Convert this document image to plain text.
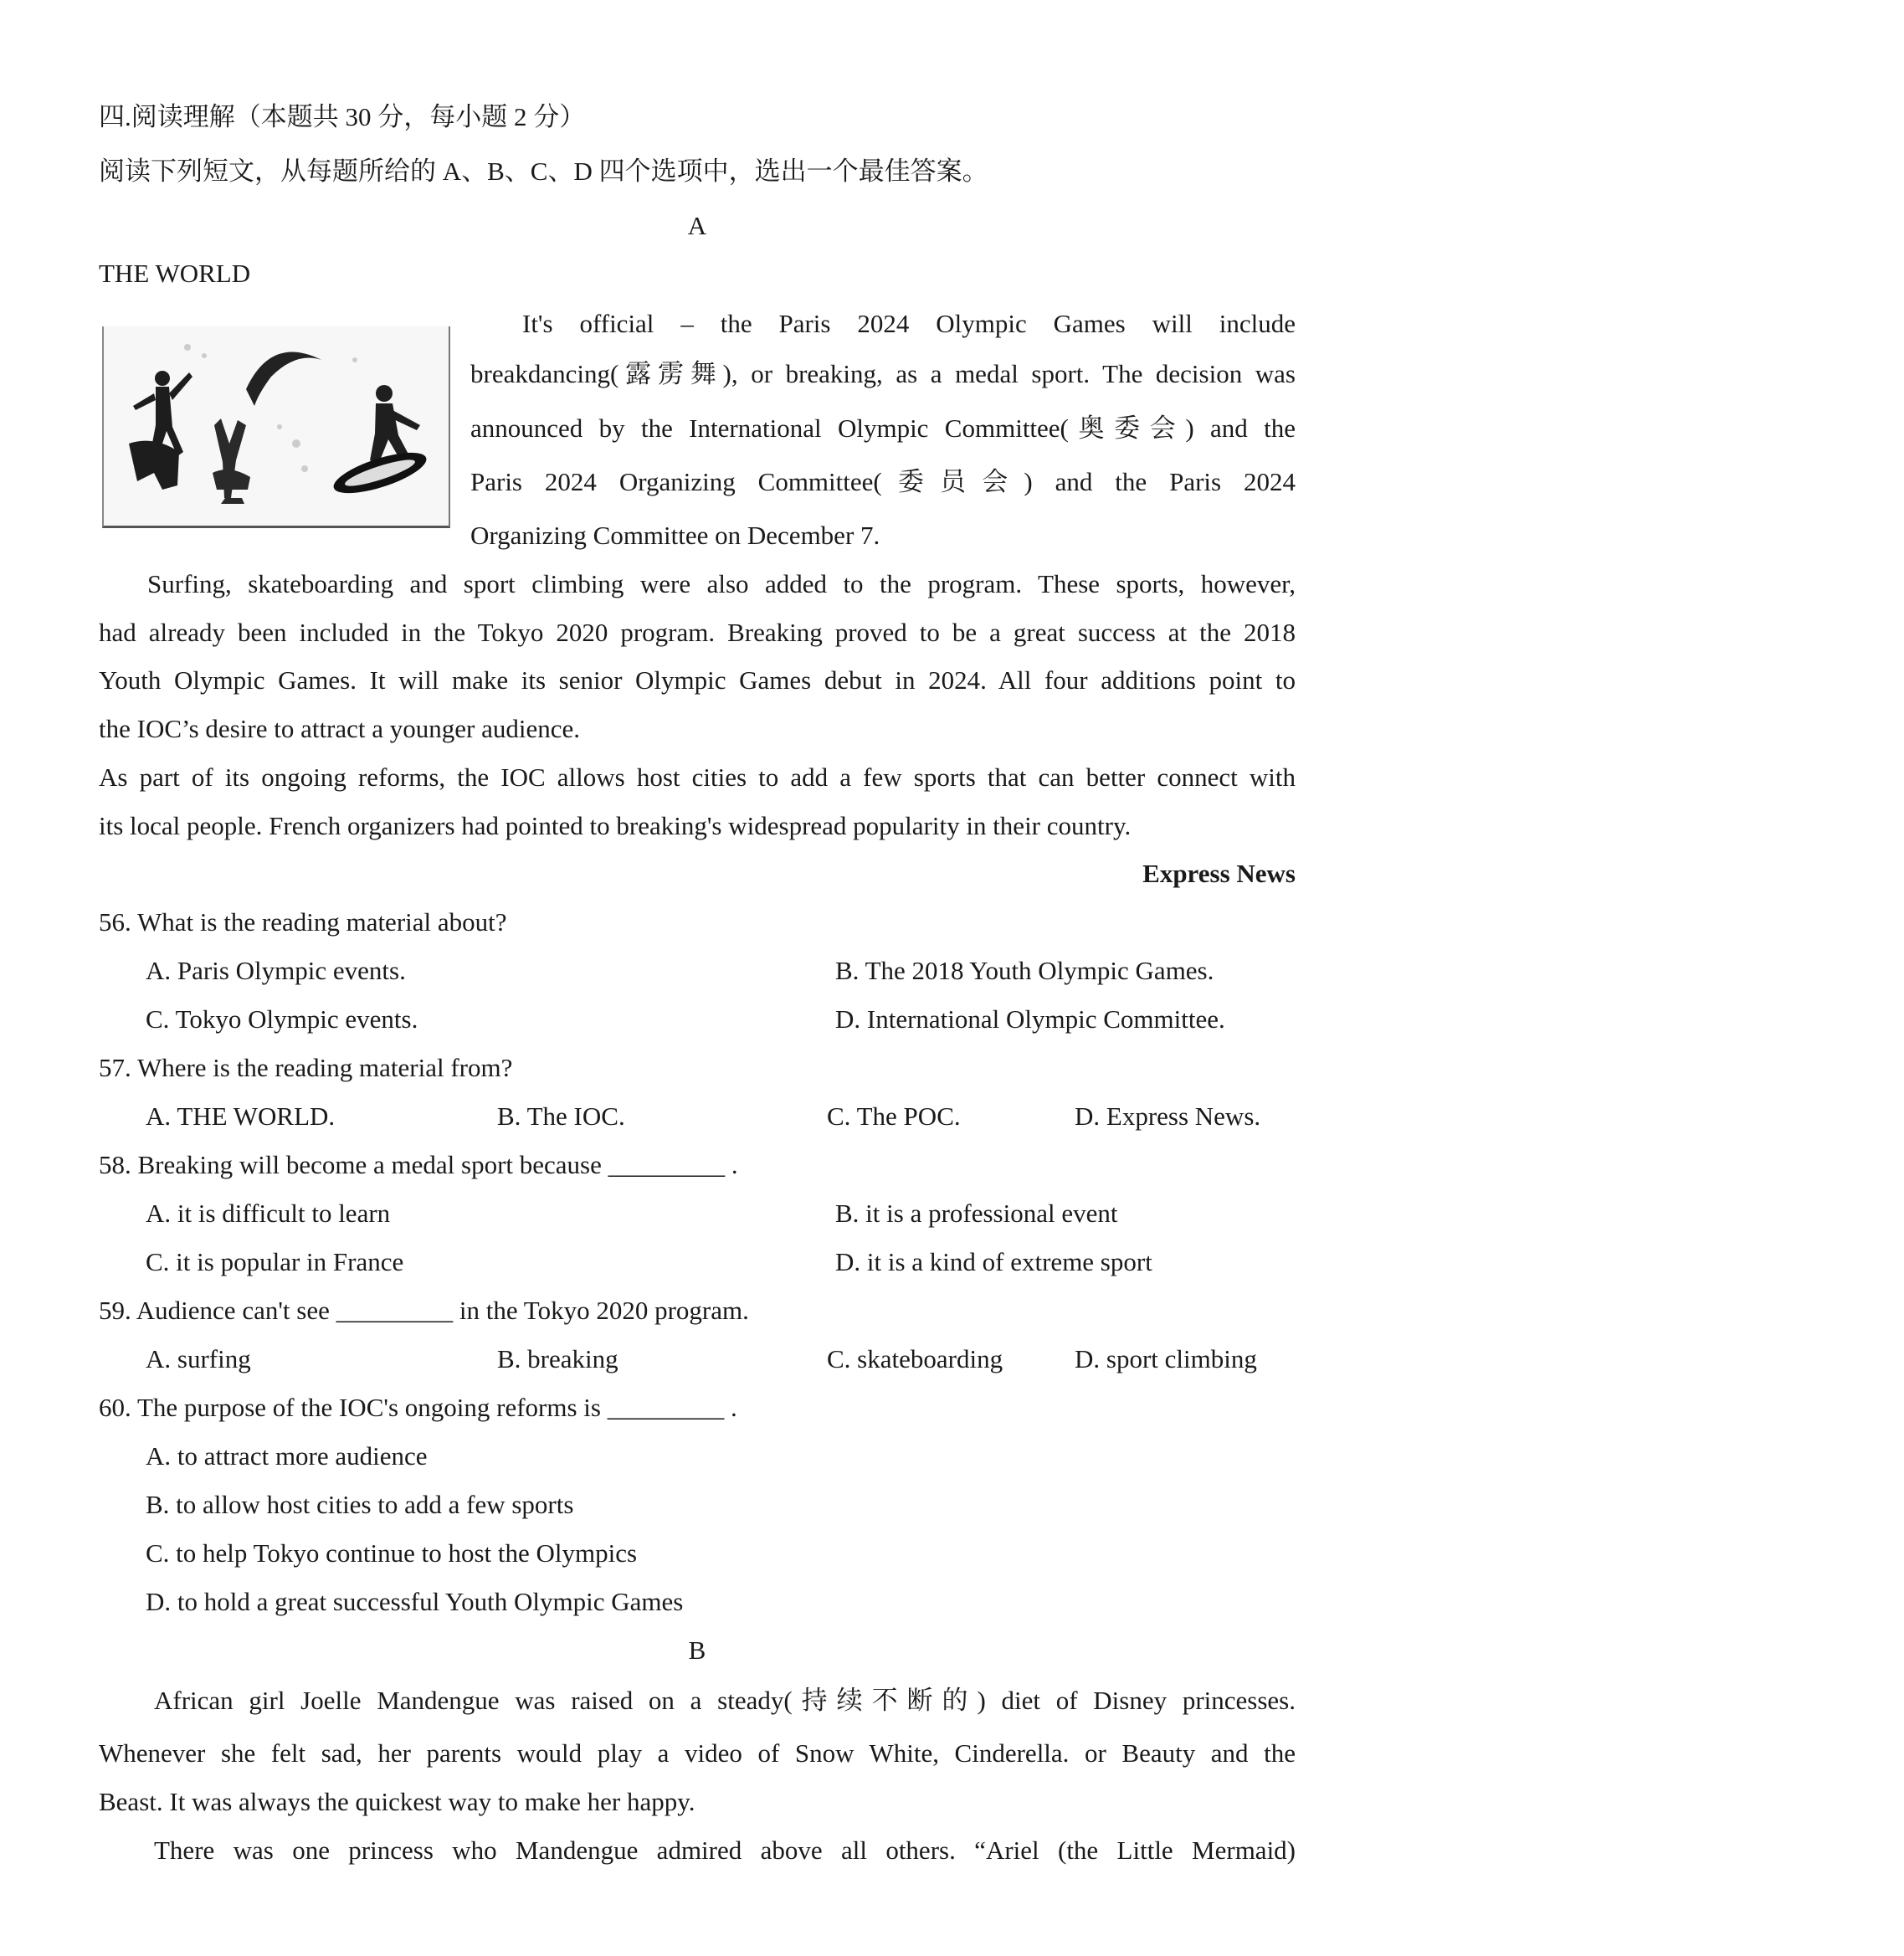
四.阅读理解（本题共 30 分，每小题 2 分）
阅读下列短文，从每题所给的 A、B、C、D 四个选项中，选出一个最佳答案。
A
THE WORLD
It's official – the Paris 2024 Olympic Games will include
breakdancing(露雳舞), or breaking, as a medal sport. The decision was
announced by the International Olympic Committee(奥委会) and the
Paris 2024 Organizing Committee(委员会) and the Paris 2024
Organizing Committee on December 7.
Surfing, skateboarding and sport climbing were also added to the program. These sports, however,
had already been included in the Tokyo 2020 program. Breaking proved to be a great success at the 2018
Youth Olympic Games. It will make its senior Olympic Games debut in 2024. All four additions point to
the IOC’s desire to attract a younger audience.
As part of its ongoing reforms, the IOC allows host cities to add a few sports that can better connect with
its local people. French organizers had pointed to breaking's widespread popularity in their country.
Express News
56. What is the reading material about?
A. Paris Olympic events.	B. The 2018 Youth Olympic Games.
C. Tokyo Olympic events.	D. International Olympic Committee.
57. Where is the reading material from?
A. THE WORLD.	B. The IOC.	C. The POC.	D. Express News.
58. Breaking will become a medal sport because _________ .
A. it is difficult to learn	B. it is a professional event
C. it is popular in France	D. it is a kind of extreme sport
59. Audience can't see _________ in the Tokyo 2020 program.
A. surfing	B. breaking	C. skateboarding	D. sport climbing
60. The purpose of the IOC's ongoing reforms is _________ .
A. to attract more audience
B. to allow host cities to add a few sports
C. to help Tokyo continue to host the Olympics
D. to hold a great successful Youth Olympic Games
B
African girl Joelle Mandengue was raised on a steady(持续不断的) diet of Disney princesses.
Whenever she felt sad, her parents would play a video of Snow White, Cinderella. or Beauty and the
Beast. It was always the quickest way to make her happy.
There was one princess who Mandengue admired above all others. “Ariel (the Little Mermaid)
